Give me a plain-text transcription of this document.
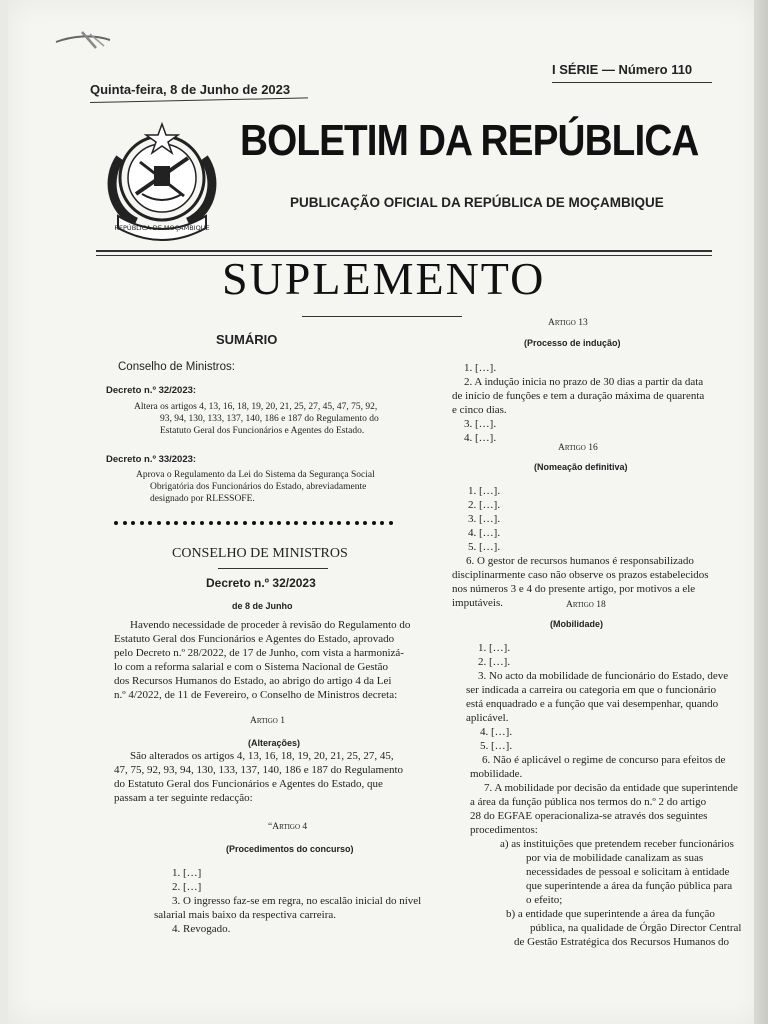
Quinta-feira, 8 de Junho de 2023
I SÉRIE — Número 110
REPÚBLICA DE MOÇAMBIQUE
BOLETIM DA REPÚBLICA
PUBLICAÇÃO OFICIAL DA REPÚBLICA DE MOÇAMBIQUE
SUPLEMENTO
SUMÁRIO
Conselho de Ministros:
Decreto n.º 32/2023:
Altera os artigos 4, 13, 16, 18, 19, 20, 21, 25, 27, 45, 47, 75, 92,
93, 94, 130, 133, 137, 140, 186 e 187 do Regulamento do
Estatuto Geral dos Funcionários e Agentes do Estado.
Decreto n.º 33/2023:
Aprova o Regulamento da Lei do Sistema da Segurança Social
Obrigatória dos Funcionários do Estado, abreviadamente
designado por RLESSOFE.
CONSELHO DE MINISTROS
Decreto n.º 32/2023
de 8 de Junho
Havendo necessidade de proceder à revisão do Regulamento do
Estatuto Geral dos Funcionários e Agentes do Estado, aprovado
pelo Decreto n.º 28/2022, de 17 de Junho, com vista a harmonizá-
lo com a reforma salarial e com o Sistema Nacional de Gestão
dos Recursos Humanos do Estado, ao abrigo do artigo 4 da Lei
n.º 4/2022, de 11 de Fevereiro, o Conselho de Ministros decreta:
Artigo 1
(Alterações)
São alterados os artigos 4, 13, 16, 18, 19, 20, 21, 25, 27, 45,
47, 75, 92, 93, 94, 130, 133, 137, 140, 186 e 187 do Regulamento
do Estatuto Geral dos Funcionários e Agentes do Estado, que
passam a ter seguinte redacção:
“Artigo 4
(Procedimentos do concurso)
1. […]
2. […]
3. O ingresso faz-se em regra, no escalão inicial do nível
salarial mais baixo da respectiva carreira.
4. Revogado.
Artigo 13
(Processo de indução)
1. […].
2. A indução inicia no prazo de 30 dias a partir da data
de início de funções e tem a duração máxima de quarenta
e cinco dias.
3. […].
4. […].
Artigo 16
(Nomeação definitiva)
1. […].
2. […].
3. […].
4. […].
5. […].
6. O gestor de recursos humanos é responsabilizado
disciplinarmente caso não observe os prazos estabelecidos
nos números 3 e 4 do presente artigo, por motivos a ele
imputáveis.	Artigo 18
(Mobilidade)
1. […].
2. […].
3. No acto da mobilidade de funcionário do Estado, deve
ser indicada a carreira ou categoria em que o funcionário
está enquadrado e a função que vai desempenhar, quando
aplicável.
4. […].
5. […].
6. Não é aplicável o regime de concurso para efeitos de
mobilidade.
7. A mobilidade por decisão da entidade que superintende
a área da função pública nos termos do n.º 2 do artigo
28 do EGFAE operacionaliza-se através dos seguintes
procedimentos:
a) as instituições que pretendem receber funcionários
por via de mobilidade canalizam as suas
necessidades de pessoal e solicitam à entidade
que superintende a área da função pública para
o efeito;
b) a entidade que superintende a área da função
pública, na qualidade de Órgão Director Central
de Gestão Estratégica dos Recursos Humanos do
